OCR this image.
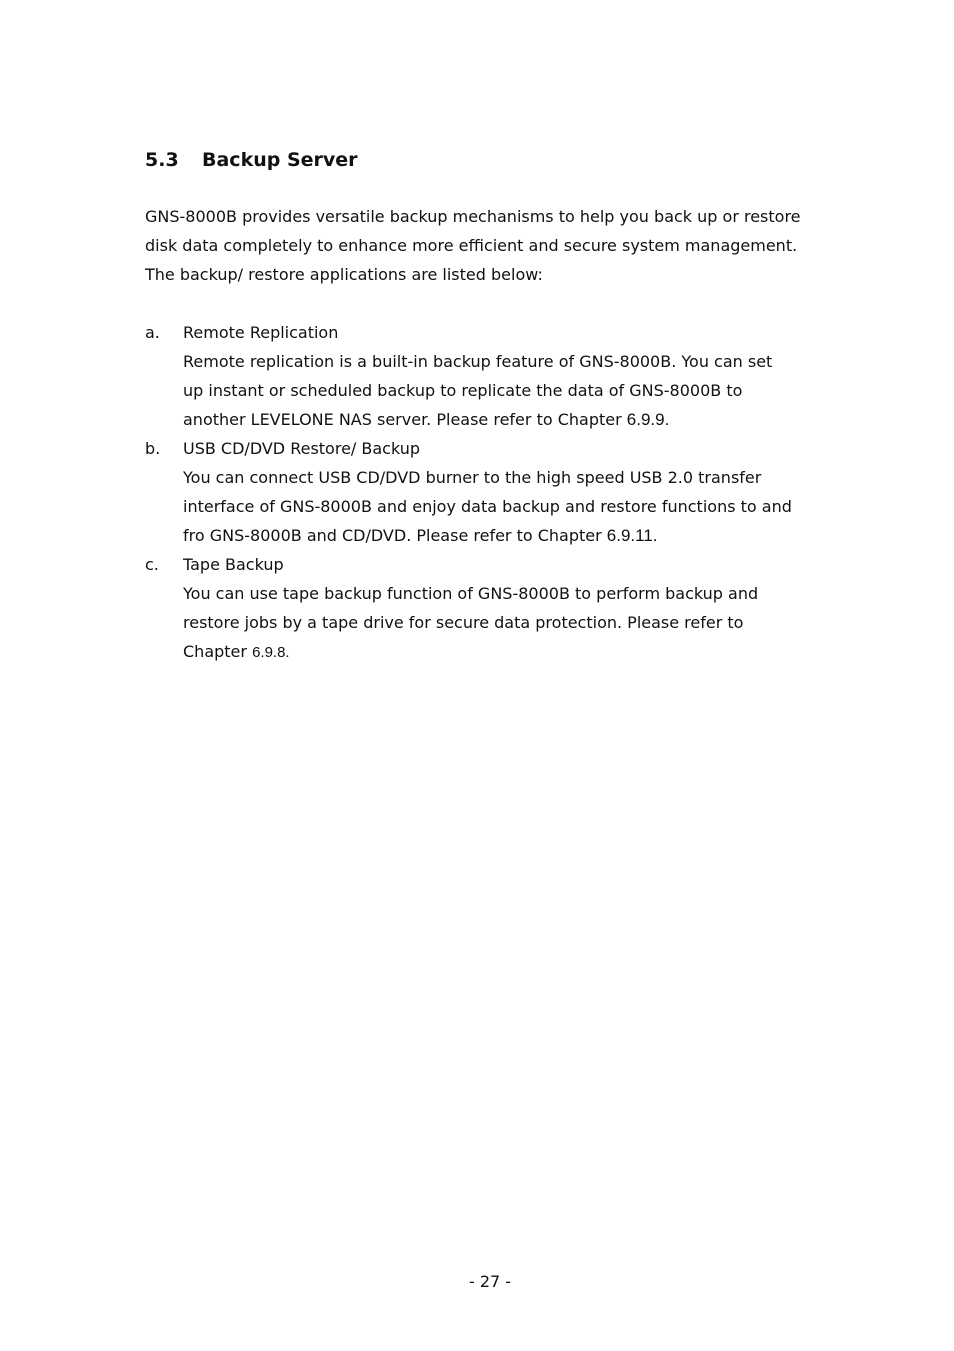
5.3 Backup Server
GNS-8000B provides versatile backup mechanisms to help you back up or restore
disk data completely to enhance more efficient and secure system management.
The backup/ restore applications are listed below:
a. Remote Replication
Remote replication is a built-in backup feature of GNS-8000B. You can set
up instant or scheduled backup to replicate the data of GNS-8000B to
another LEVELONE NAS server. Please refer to Chapter 6.9.9.
b. USB CD/DVD Restore/ Backup
You can connect USB CD/DVD burner to the high speed USB 2.0 transfer
interface of GNS-8000B and enjoy data backup and restore functions to and
fro GNS-8000B and CD/DVD. Please refer to Chapter 6.9.11.
c. Tape Backup
You can use tape backup function of GNS-8000B to perform backup and
restore jobs by a tape drive for secure data protection. Please refer to
Chapter 6.9.8.
- 27 -
